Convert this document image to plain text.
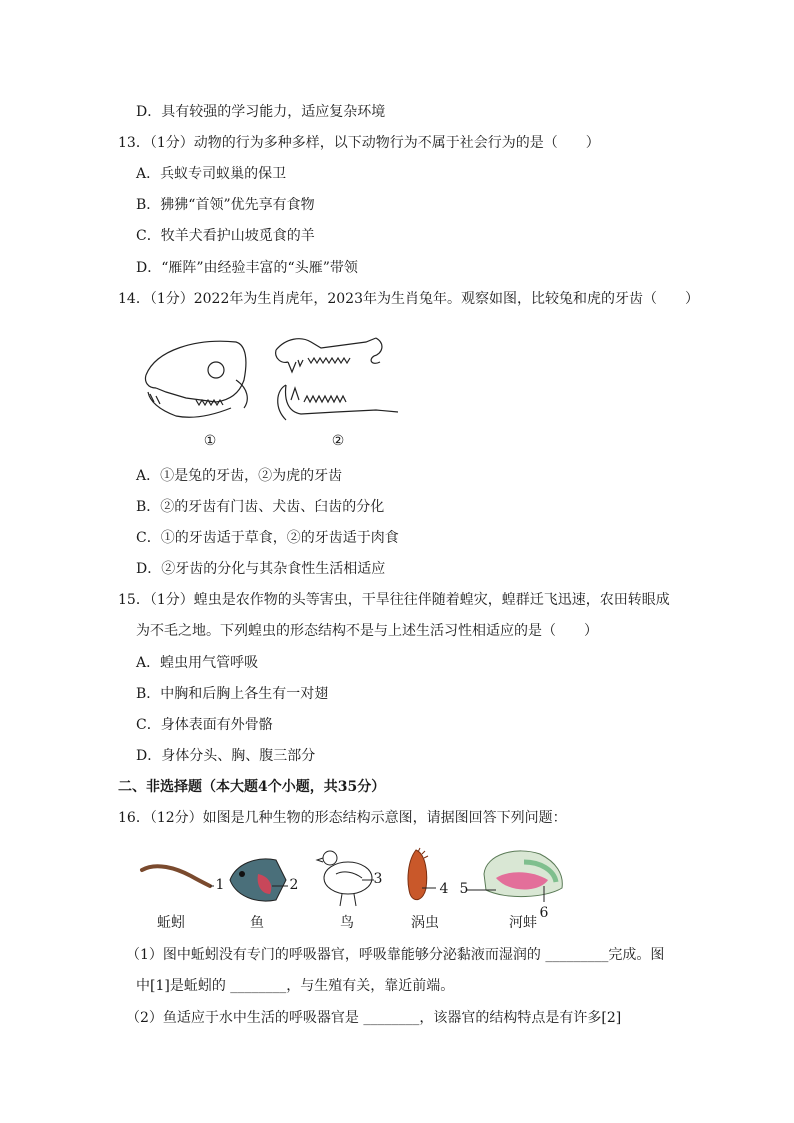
D．具有较强的学习能力，适应复杂环境
13．（1分）动物的行为多种多样，以下动物行为不属于社会行为的是（　　）
A．兵蚁专司蚁巢的保卫
B．狒狒“首领”优先享有食物
C．牧羊犬看护山坡觅食的羊
D．“雁阵”由经验丰富的“头雁”带领
14．（1分）2022年为生肖虎年，2023年为生肖兔年。观察如图，比较兔和虎的牙齿（　　）
①	②
A．①是兔的牙齿，②为虎的牙齿
B．②的牙齿有门齿、犬齿、臼齿的分化
C．①的牙齿适于草食，②的牙齿适于肉食
D．②牙齿的分化与其杂食性生活相适应
15．（1分）蝗虫是农作物的头等害虫，干旱往往伴随着蝗灾，蝗群迁飞迅速，农田转眼成
为不毛之地。下列蝗虫的形态结构不是与上述生活习性相适应的是（　　）
A．蝗虫用气管呼吸
B．中胸和后胸上各生有一对翅
C．身体表面有外骨骼
D．身体分头、胸、腹三部分
二、非选择题（本大题4个小题，共35分）
16．（12分）如图是几种生物的形态结构示意图，请据图回答下列问题：
1	2	3
4 5
6
蚯蚓	鱼	鸟	涡虫	河蚌
（1）图中蚯蚓没有专门的呼吸器官，呼吸靠能够分泌黏液而湿润的 _________完成。图
中[1]是蚯蚓的 ________，与生殖有关，靠近前端。
（2）鱼适应于水中生活的呼吸器官是 ________，该器官的结构特点是有许多[2]
